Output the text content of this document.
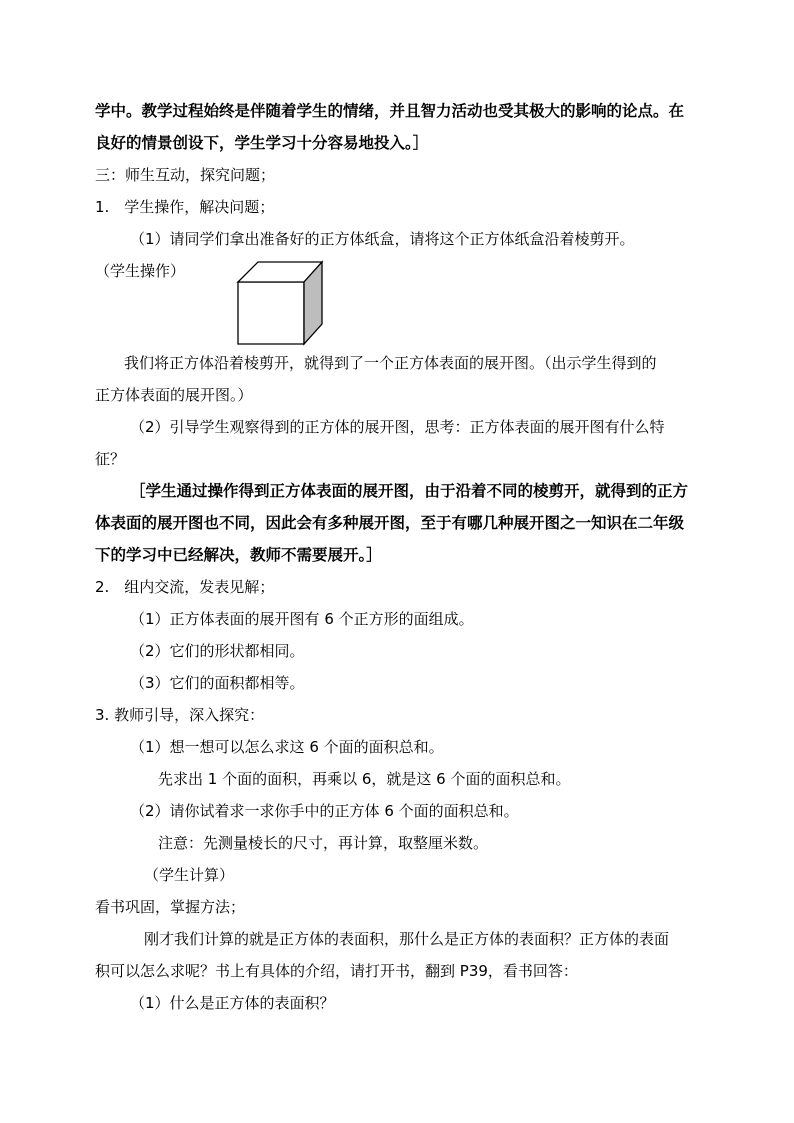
学中。教学过程始终是伴随着学生的情绪，并且智力活动也受其极大的影响的论点。在
良好的情景创设下，学生学习十分容易地投入。］
三：师生互动，探究问题；
1.　学生操作，解决问题；
（1）请同学们拿出准备好的正方体纸盒，请将这个正方体纸盒沿着棱剪开。
（学生操作）
我们将正方体沿着棱剪开，就得到了一个正方体表面的展开图。（出示学生得到的
正方体表面的展开图。）
（2）引导学生观察得到的正方体的展开图，思考：正方体表面的展开图有什么特
征？
［学生通过操作得到正方体表面的展开图，由于沿着不同的棱剪开，就得到的正方
体表面的展开图也不同，因此会有多种展开图，至于有哪几种展开图之一知识在二年级
下的学习中已经解决，教师不需要展开。］
2.　组内交流，发表见解；
（1）正方体表面的展开图有 6 个正方形的面组成。
（2）它们的形状都相同。
（3）它们的面积都相等。
3. 教师引导，深入探究：
（1）想一想可以怎么求这 6 个面的面积总和。
先求出 1 个面的面积，再乘以 6，就是这 6 个面的面积总和。
（2）请你试着求一求你手中的正方体 6 个面的面积总和。
注意：先测量棱长的尺寸，再计算，取整厘米数。
（学生计算）
看书巩固，掌握方法；
刚才我们计算的就是正方体的表面积，那什么是正方体的表面积？正方体的表面
积可以怎么求呢？书上有具体的介绍，请打开书，翻到 P39，看书回答：
（1）什么是正方体的表面积？
